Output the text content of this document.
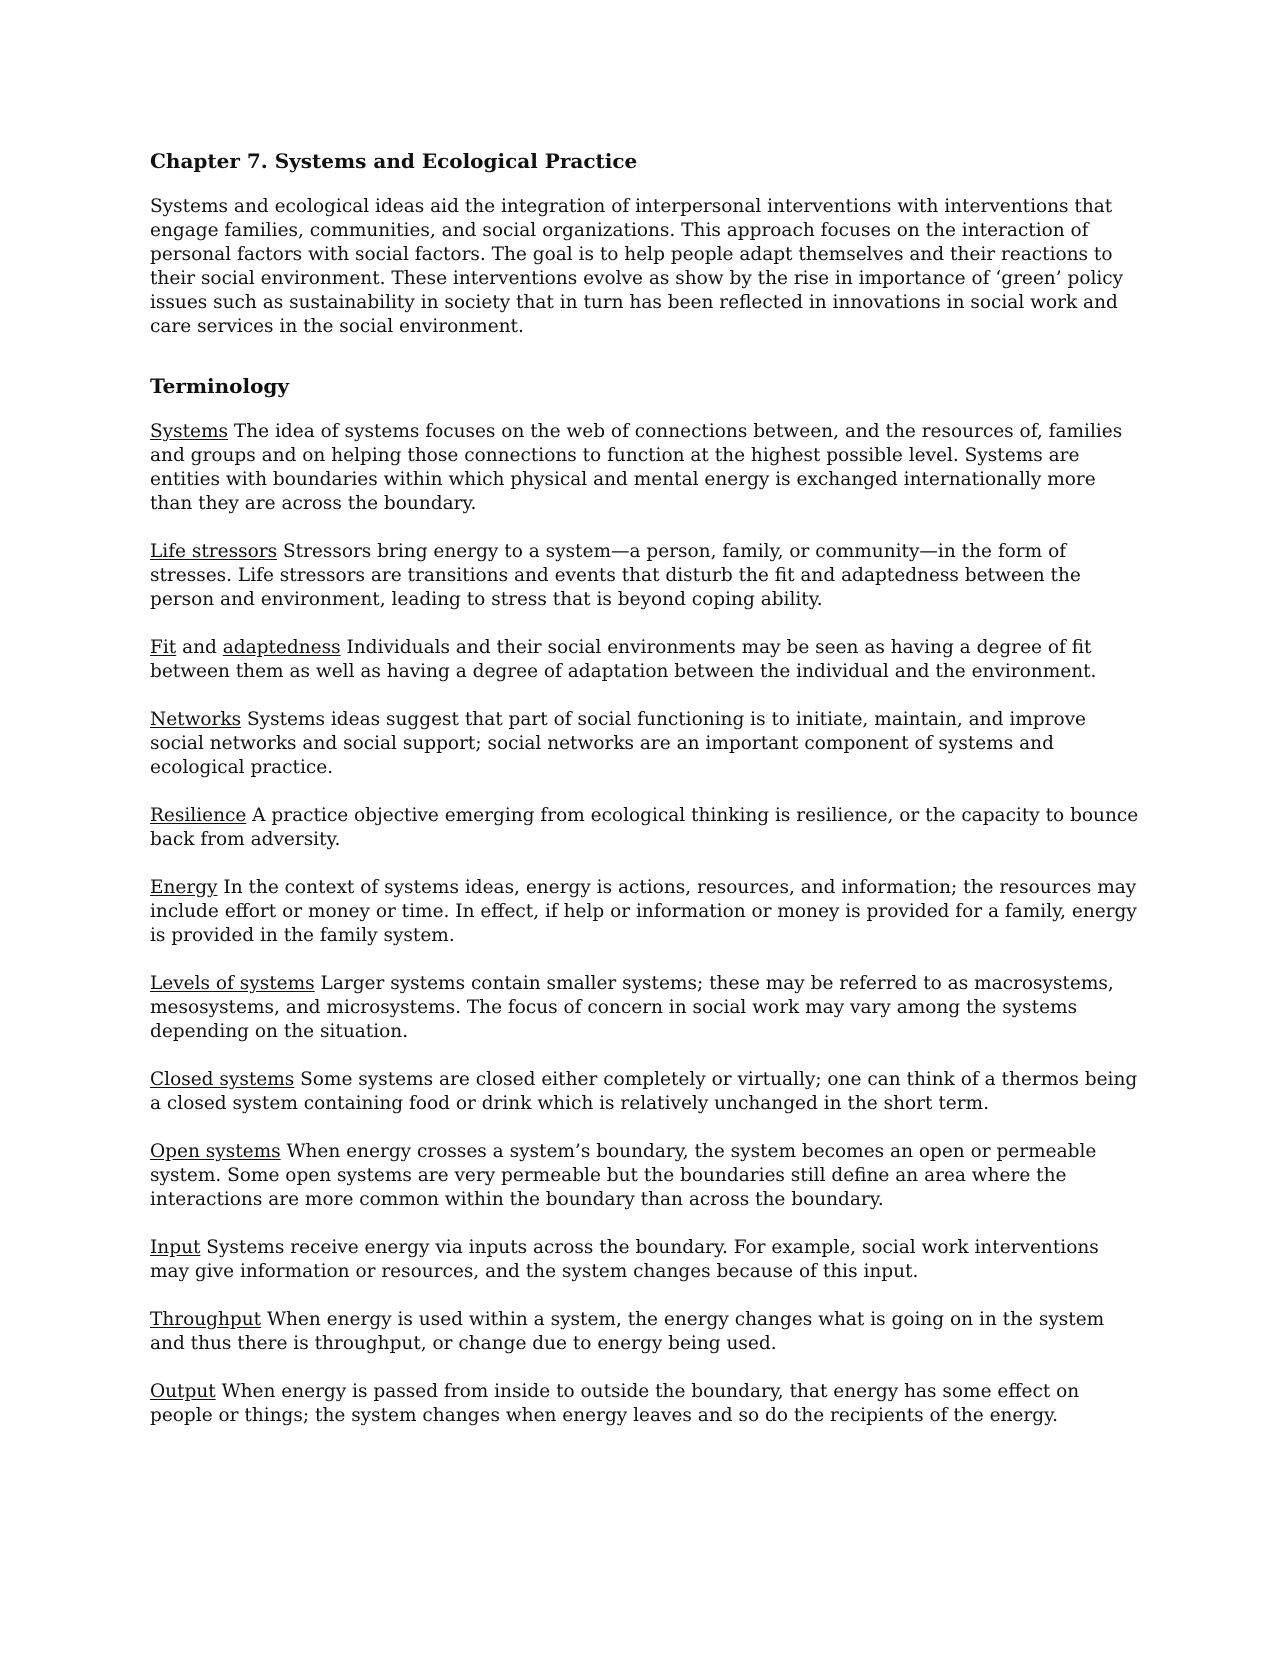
Chapter 7. Systems and Ecological Practice

Systems and ecological ideas aid the integration of interpersonal interventions with interventions that engage families, communities, and social organizations. This approach focuses on the interaction of personal factors with social factors. The goal is to help people adapt themselves and their reactions to their social environment. These interventions evolve as show by the rise in importance of ‘green’ policy issues such as sustainability in society that in turn has been reflected in innovations in social work and care services in the social environment.

Terminology

Systems The idea of systems focuses on the web of connections between, and the resources of, families and groups and on helping those connections to function at the highest possible level. Systems are entities with boundaries within which physical and mental energy is exchanged internationally more than they are across the boundary.

Life stressors Stressors bring energy to a system—a person, family, or community—in the form of stresses. Life stressors are transitions and events that disturb the fit and adaptedness between the person and environment, leading to stress that is beyond coping ability.

Fit and adaptedness Individuals and their social environments may be seen as having a degree of fit between them as well as having a degree of adaptation between the individual and the environment.

Networks Systems ideas suggest that part of social functioning is to initiate, maintain, and improve social networks and social support; social networks are an important component of systems and ecological practice.

Resilience A practice objective emerging from ecological thinking is resilience, or the capacity to bounce back from adversity.

Energy In the context of systems ideas, energy is actions, resources, and information; the resources may include effort or money or time. In effect, if help or information or money is provided for a family, energy is provided in the family system.

Levels of systems Larger systems contain smaller systems; these may be referred to as macrosystems, mesosystems, and microsystems. The focus of concern in social work may vary among the systems depending on the situation.

Closed systems Some systems are closed either completely or virtually; one can think of a thermos being a closed system containing food or drink which is relatively unchanged in the short term.

Open systems When energy crosses a system’s boundary, the system becomes an open or permeable system. Some open systems are very permeable but the boundaries still define an area where the interactions are more common within the boundary than across the boundary.

Input Systems receive energy via inputs across the boundary. For example, social work interventions may give information or resources, and the system changes because of this input.

Throughput When energy is used within a system, the energy changes what is going on in the system and thus there is throughput, or change due to energy being used.

Output When energy is passed from inside to outside the boundary, that energy has some effect on people or things; the system changes when energy leaves and so do the recipients of the energy.
